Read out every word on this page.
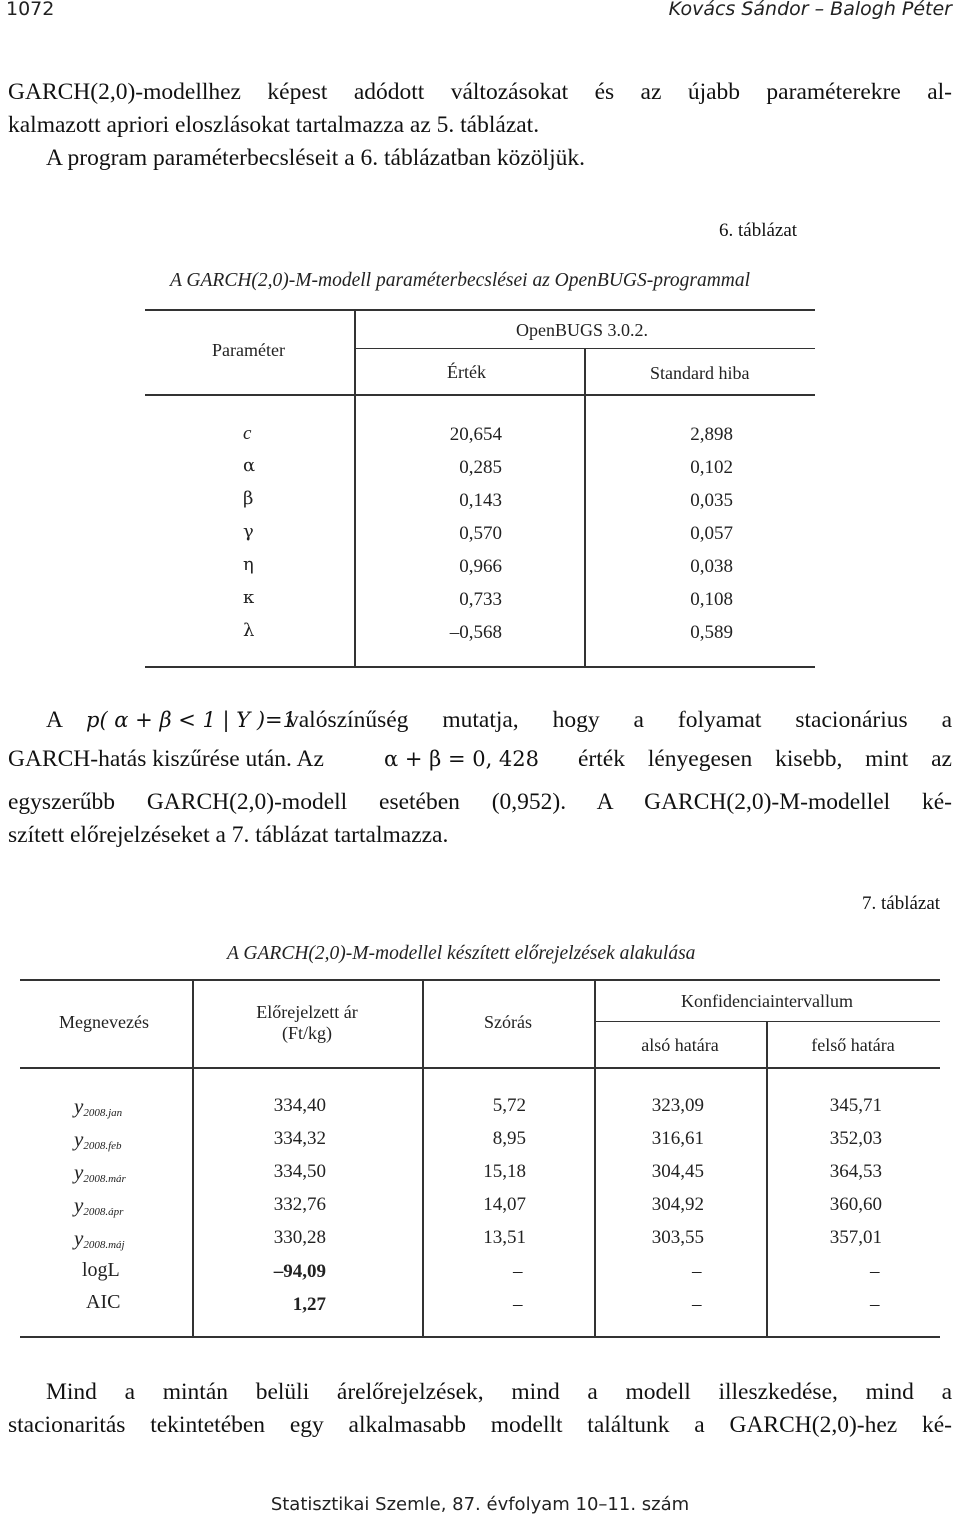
1072	Kovács Sándor – Balogh Péter
GARCH(2,0)-modellhez képest adódott változásokat és az újabb paraméterekre al-
kalmazott apriori eloszlásokat tartalmazza az 5. táblázat.
A program paraméterbecsléseit a 6. táblázatban közöljük.
6. táblázat
A GARCH(2,0)-M-modell paraméterbecslései az OpenBUGS-programmal
Paraméter
OpenBUGS 3.0.2.
Érték	Standard hiba
c	20,654	2,898
α	0,285	0,102
β	0,143	0,035
γ	0,570	0,057
η	0,966	0,038
κ	0,733	0,108
λ	–0,568	0,589
A p( α + β < 1 | Y )=1
valószínűség mutatja, hogy a folyamat stacionárius a
GARCH-hatás kiszűrése után. Az	α + β = 0, 428 érték lényegesen kisebb, mint az
egyszerűbb GARCH(2,0)-modell esetében (0,952). A GARCH(2,0)-M-modellel ké-
szített előrejelzéseket a 7. táblázat tartalmazza.
7. táblázat
A GARCH(2,0)-M-modellel készített előrejelzések alakulása
Megnevezés	Előrejelzett ár
(Ft/kg)
Szórás
Konfidenciaintervallum
alsó határa	felső határa
$y_{2008.jan}$	334,40	5,72	323,09	345,71
$y_{2008.feb}$	334,32	8,95	316,61	352,03
$y_{2008.már}$	334,50	15,18	304,45	364,53
$y_{2008.ápr}$	332,76	14,07	304,92	360,60
$y_{2008.máj}$	330,28	13,51	303,55	357,01
logL	–94,09	–	–	–
AIC	1,27	–	–	–
Mind a mintán belüli árelőrejelzések, mind a modell illeszkedése, mind a
stacionaritás tekintetében egy alkalmasabb modellt találtunk a GARCH(2,0)-hez ké-
Statisztikai Szemle, 87. évfolyam 10–11. szám
